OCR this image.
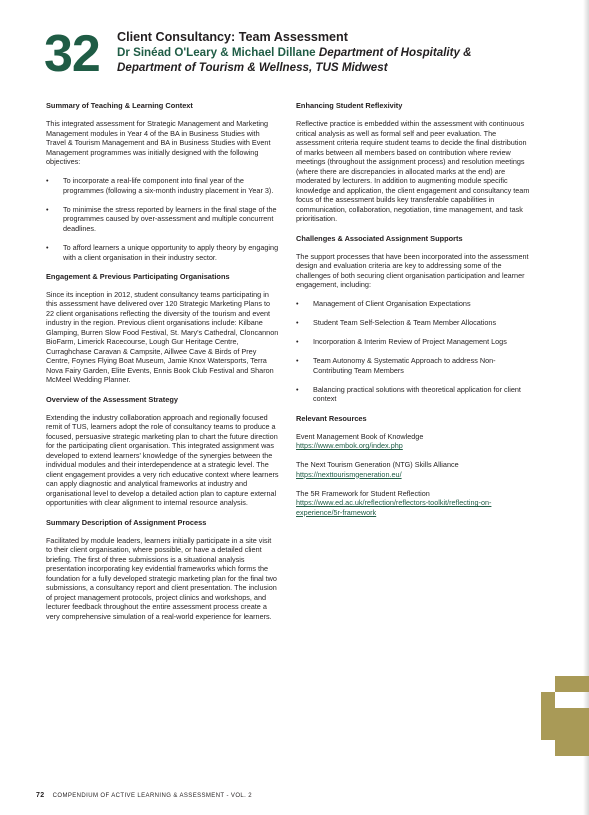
32 Client Consultancy: Team Assessment
Dr Sinéad O'Leary & Michael Dillane Department of Hospitality & Department of Tourism & Wellness, TUS Midwest
Summary of Teaching & Learning Context

This integrated assessment for Strategic Management and Marketing Management modules in Year 4 of the BA in Business Studies with Travel & Tourism Management and BA in Business Studies with Event Management programmes was initially designed with the following objectives:

• To incorporate a real-life component into final year of the programmes (following a six-month industry placement in Year 3).
• To minimise the stress reported by learners in the final stage of the programmes caused by over-assessment and multiple concurrent deadlines.
• To afford learners a unique opportunity to apply theory by engaging with a client organisation in their industry sector.
Engagement & Previous Participating Organisations

Since its inception in 2012, student consultancy teams participating in this assessment have delivered over 120 Strategic Marketing Plans to 22 client organisations reflecting the diversity of the tourism and event industry in the region. Previous client organisations include: Kilbane Glamping, Burren Slow Food Festival, St. Mary's Cathedral, Cloncannon BioFarm, Limerick Racecourse, Lough Gur Heritage Centre, Curraghchase Caravan & Campsite, Aillwee Cave & Birds of Prey Centre, Foynes Flying Boat Museum, Jamie Knox Watersports, Terra Nova Fairy Garden, Elite Events, Ennis Book Club Festival and Sharon McMeel Wedding Planner.

Overview of the Assessment Strategy

Extending the industry collaboration approach and regionally focused remit of TUS, learners adopt the role of consultancy teams to produce a focused, persuasive strategic marketing plan to chart the future direction for the participating client organisation. This integrated assignment was developed to extend learners' knowledge of the synergies between the individual modules and their interdependence at a strategic level. The client engagement provides a very rich educative context where learners can apply diagnostic and analytical frameworks at industry and organisational level to develop a detailed action plan to capture external opportunities with clear alignment to internal resource analysis.

Summary Description of Assignment Process

Facilitated by module leaders, learners initially participate in a site visit to their client organisation, where possible, or have a detailed client briefing. The first of three submissions is a situational analysis presentation incorporating key evidential frameworks which forms the foundation for a fully developed strategic marketing plan for the final two submissions, a consultancy report and client presentation. The inclusion of project management protocols, project clinics and workshops, and lecturer feedback throughout the entire assessment process create a very comprehensive simulation of a real-world experience for learners.

Enhancing Student Reflexivity

Reflective practice is embedded within the assessment with continuous critical analysis as well as formal self and peer evaluation. The assessment criteria require student teams to decide the final distribution of marks between all members based on contribution where review meetings (throughout the assignment process) and resolution meetings (where there are discrepancies in allocated marks at the end) are moderated by lecturers. In addition to augmenting module specific knowledge and application, the client engagement and consultancy team focus of the assessment builds key transferable capabilities in communication, collaboration, negotiation, time management, and task prioritisation.

Challenges & Associated Assignment Supports

The support processes that have been incorporated into the assessment design and evaluation criteria are key to addressing some of the challenges of both securing client organisation participation and learner engagement, including:

• Management of Client Organisation Expectations
• Student Team Self-Selection & Team Member Allocations
• Incorporation & Interim Review of Project Management Logs
• Team Autonomy & Systematic Approach to address Non-Contributing Team Members
• Balancing practical solutions with theoretical application for client context
Relevant Resources

Event Management Book of Knowledge
https://www.embok.org/index.php

The Next Tourism Generation (NTG) Skills Alliance
https://nexttourismgeneration.eu/

The 5R Framework for Student Reflection
https://www.ed.ac.uk/reflection/reflectors-toolkit/reflecting-on-experience/5r-framework

72 COMPENDIUM OF ACTIVE LEARNING & ASSESSMENT - VOL. 2
